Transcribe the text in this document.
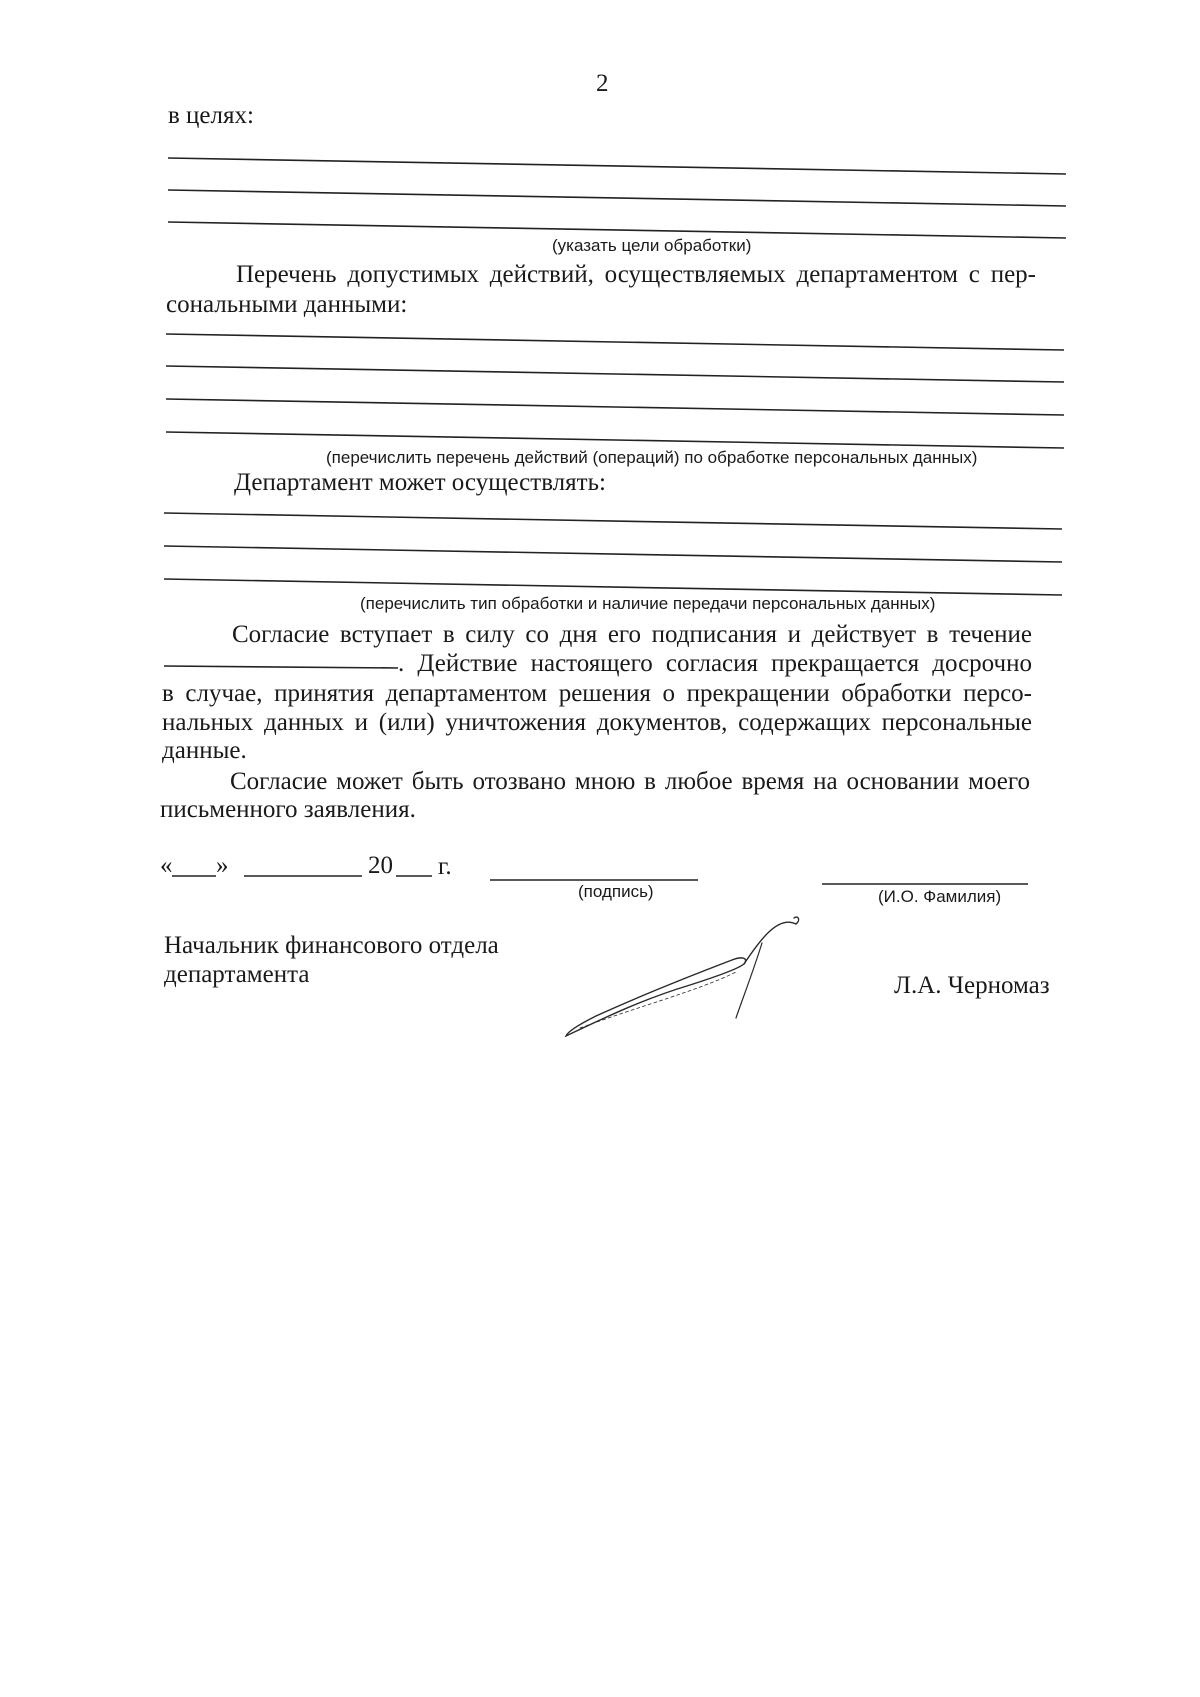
2
в целях:
(указать цели обработки)
Перечень допустимых действий, осуществляемых департаментом с пер-
сональными данными:
(перечислить перечень действий (операций) по обработке персональных данных)
Департамент может осуществлять:
(перечислить тип обработки и наличие передачи персональных данных)
Согласие вступает в силу со дня его подписания и действует в течение
. Действие настоящего согласия прекращается досрочно
в случае, принятия департаментом решения о прекращении обработки персо-
нальных данных и (или) уничтожения документов, содержащих персональные
данные.
Согласие может быть отозвано мною в любое время на основании моего
письменного заявления.
« »	20 г.
(подпись)	(И.О. Фамилия)
Начальник финансового отдела
департамента	Л.А. Черномаз
